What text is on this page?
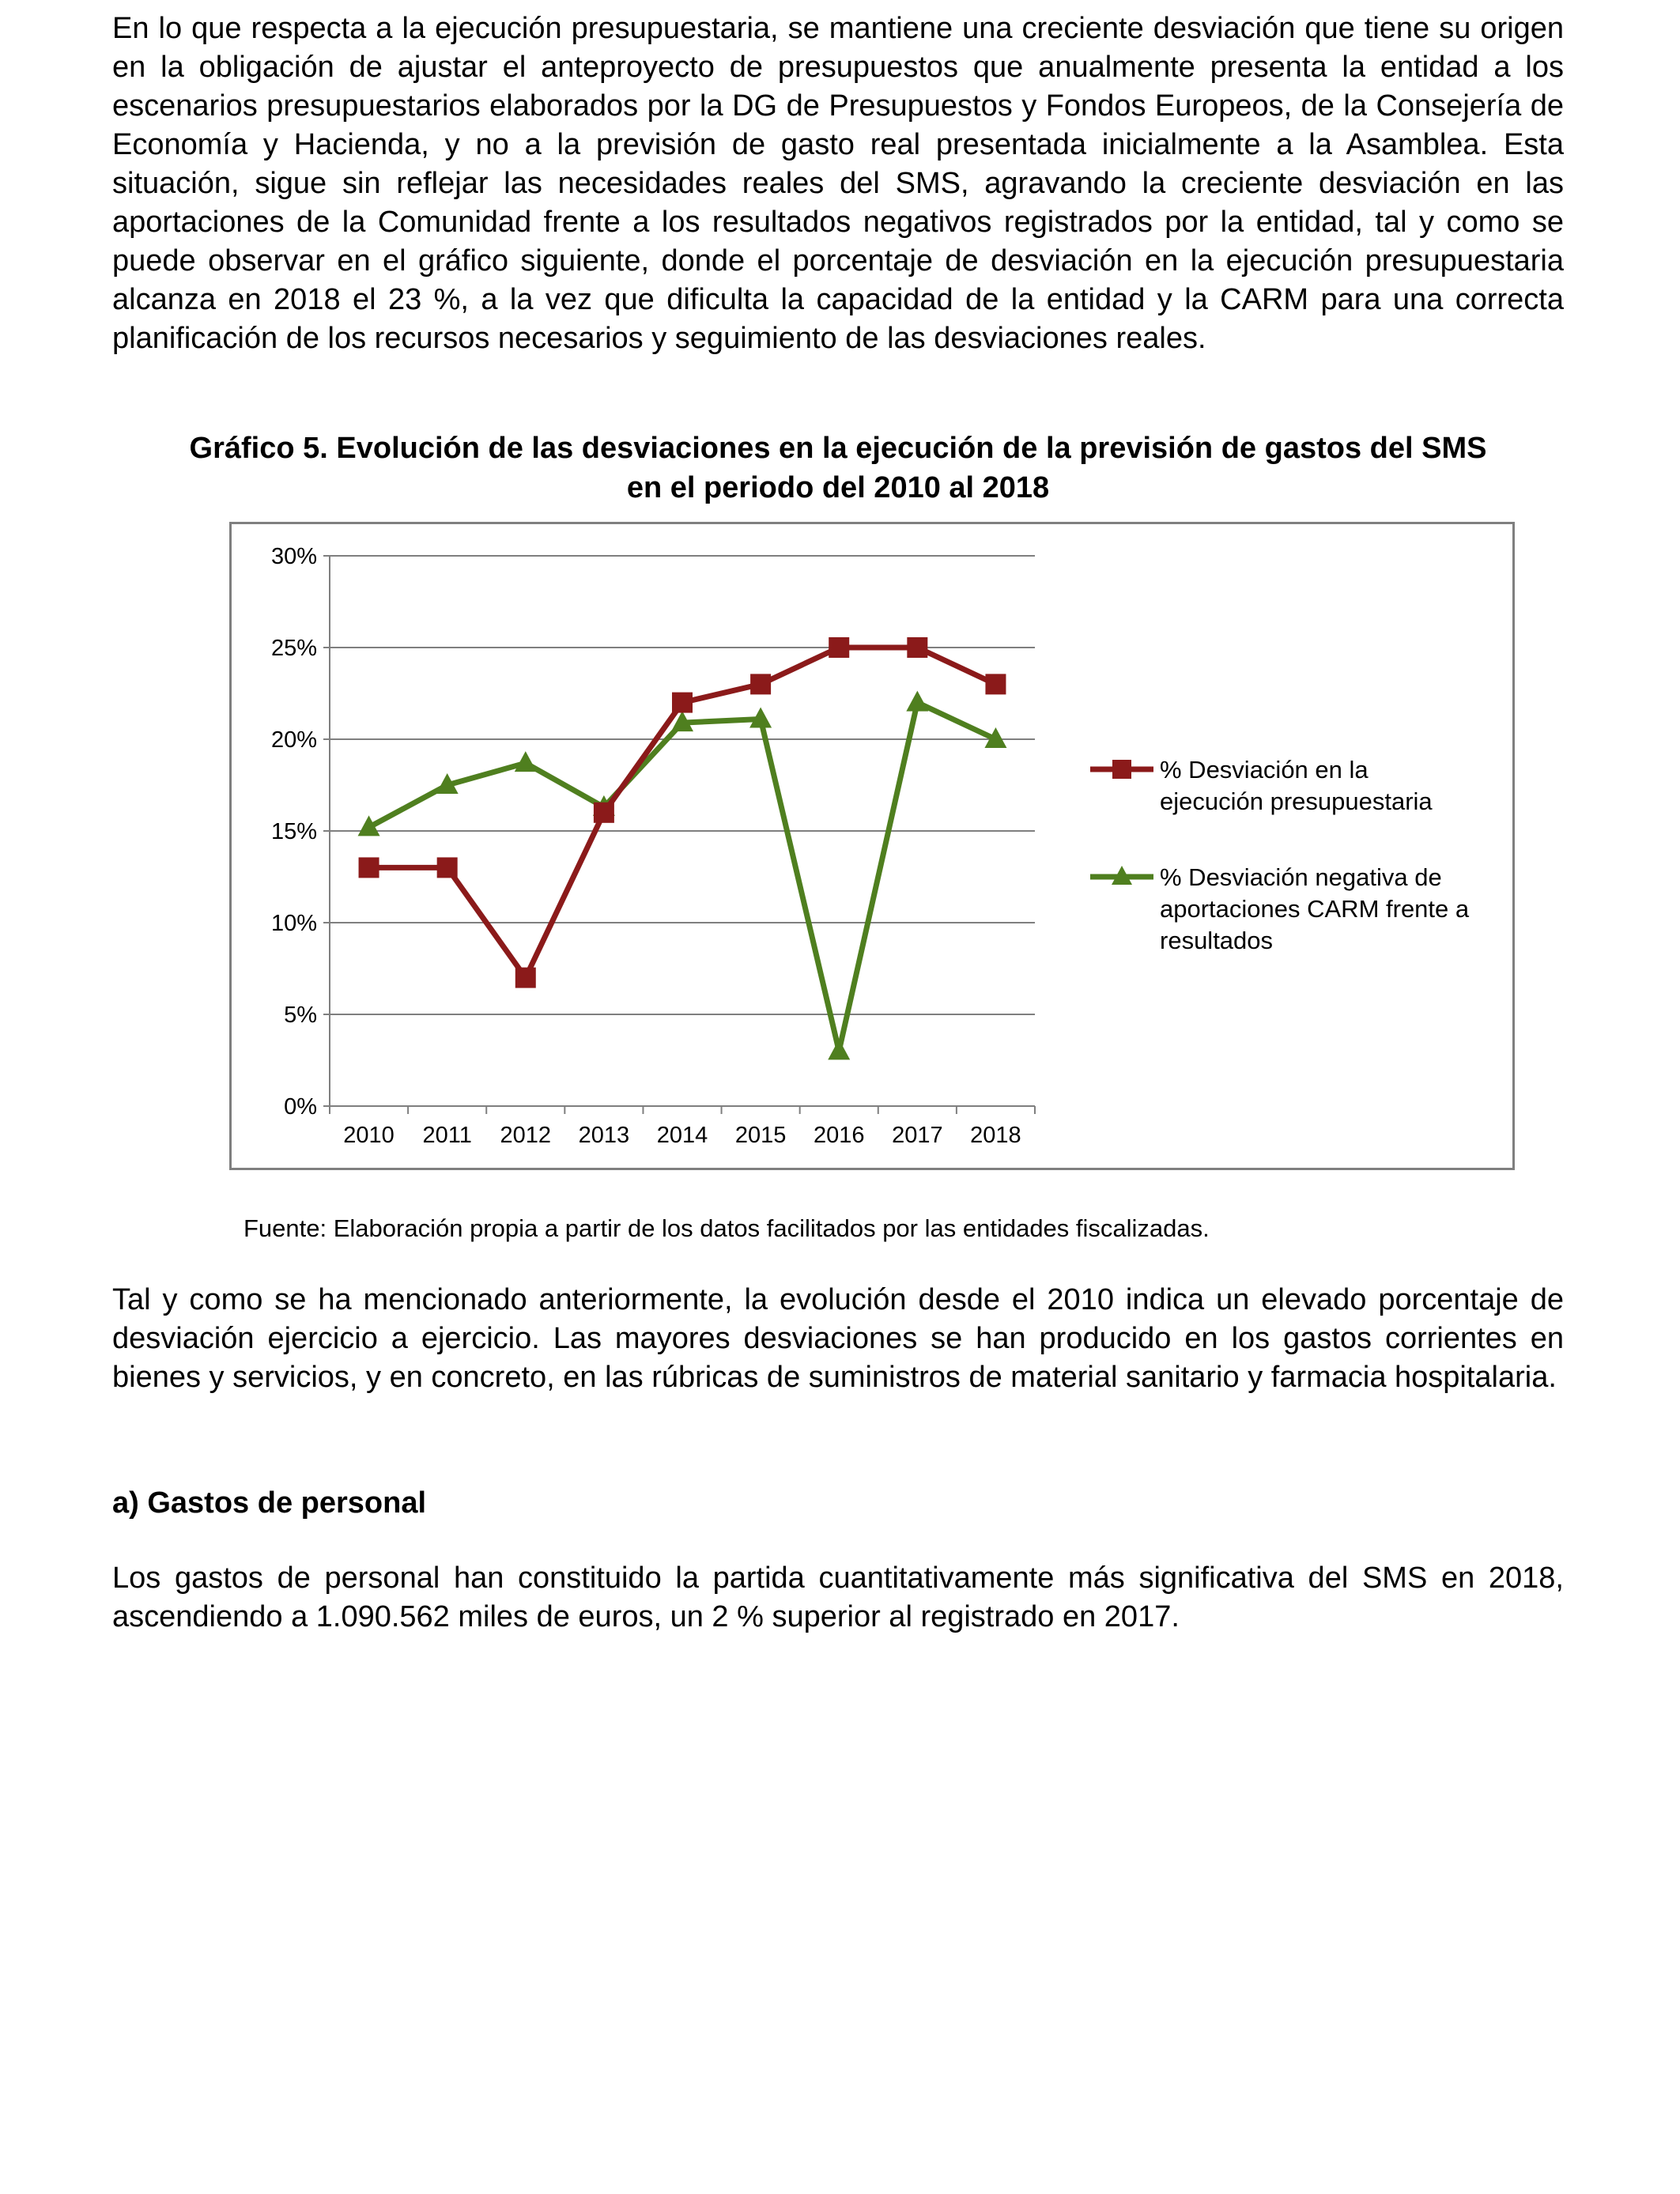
En lo que respecta a la ejecución presupuestaria, se mantiene una creciente desviación que tiene su origen en la obligación de ajustar el anteproyecto de presupuestos que anualmente presenta la entidad a los escenarios presupuestarios elaborados por la DG de Presupuestos y Fondos Europeos, de la Consejería de Economía y Hacienda, y no a la previsión de gasto real presentada inicialmente a la Asamblea. Esta situación, sigue sin reflejar las necesidades reales del SMS, agravando la creciente desviación en las aportaciones de la Comunidad frente a los resultados negativos registrados por la entidad, tal y como se puede observar en el gráfico siguiente, donde el porcentaje de desviación en la ejecución presupuestaria alcanza en 2018 el 23 %, a la vez que dificulta la capacidad de la entidad y la CARM para una correcta planificación de los recursos necesarios y seguimiento de las desviaciones reales.

Gráfico 5. Evolución de las desviaciones en la ejecución de la previsión de gastos del SMS
en el periodo del 2010 al 2018
0%
5%
10%
15%
20%
25%
30%
2010 2011 2012 2013 2014 2015 2016 2017 2018
% Desviación en la
ejecución presupuestaria
% Desviación negativa de
aportaciones CARM frente a
resultados

Fuente: Elaboración propia a partir de los datos facilitados por las entidades fiscalizadas.

Tal y como se ha mencionado anteriormente, la evolución desde el 2010 indica un elevado porcentaje de desviación ejercicio a ejercicio. Las mayores desviaciones se han producido en los gastos corrientes en bienes y servicios, y en concreto, en las rúbricas de suministros de material sanitario y farmacia hospitalaria.

a) Gastos de personal

Los gastos de personal han constituido la partida cuantitativamente más significativa del SMS en 2018, ascendiendo a 1.090.562 miles de euros, un 2 % superior al registrado en 2017.
